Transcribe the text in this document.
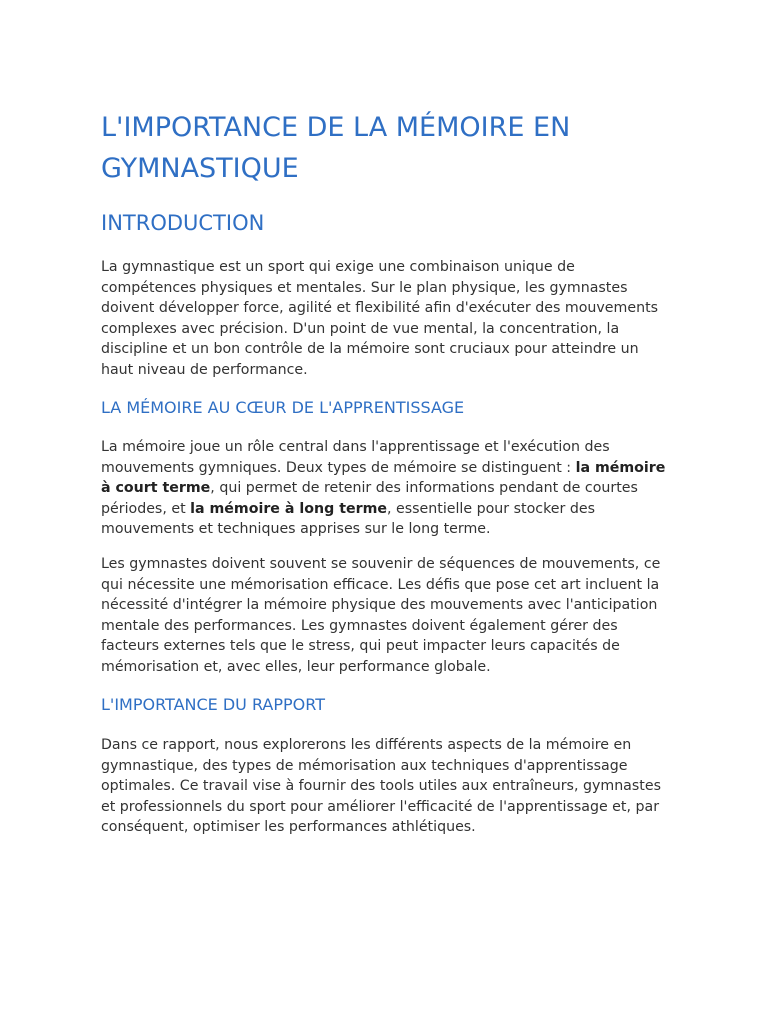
L'IMPORTANCE DE LA MÉMOIRE EN GYMNASTIQUE
INTRODUCTION

La gymnastique est un sport qui exige une combinaison unique de compétences physiques et mentales. Sur le plan physique, les gymnastes doivent développer force, agilité et flexibilité afin d'exécuter des mouvements complexes avec précision. D'un point de vue mental, la concentration, la discipline et un bon contrôle de la mémoire sont cruciaux pour atteindre un haut niveau de performance.

LA MÉMOIRE AU CŒUR DE L'APPRENTISSAGE

La mémoire joue un rôle central dans l'apprentissage et l'exécution des mouvements gymniques. Deux types de mémoire se distinguent : la mémoire à court terme, qui permet de retenir des informations pendant de courtes périodes, et la mémoire à long terme, essentielle pour stocker des mouvements et techniques apprises sur le long terme.

Les gymnastes doivent souvent se souvenir de séquences de mouvements, ce qui nécessite une mémorisation efficace. Les défis que pose cet art incluent la nécessité d'intégrer la mémoire physique des mouvements avec l'anticipation mentale des performances. Les gymnastes doivent également gérer des facteurs externes tels que le stress, qui peut impacter leurs capacités de mémorisation et, avec elles, leur performance globale.

L'IMPORTANCE DU RAPPORT

Dans ce rapport, nous explorerons les différents aspects de la mémoire en gymnastique, des types de mémorisation aux techniques d'apprentissage optimales. Ce travail vise à fournir des tools utiles aux entraîneurs, gymnastes et professionnels du sport pour améliorer l'efficacité de l'apprentissage et, par conséquent, optimiser les performances athlétiques.
